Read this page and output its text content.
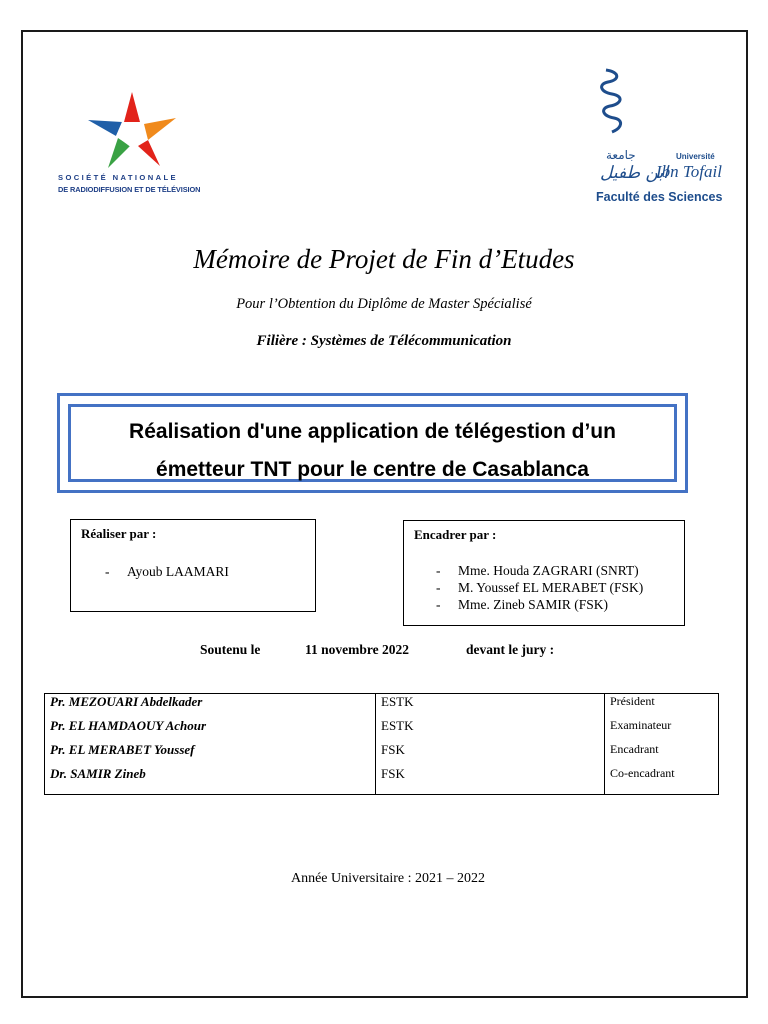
SOCIÉTÉ NATIONALE
DE RADIODIFFUSION ET DE TÉLÉVISION
جامعة
ابن طفيل
Université
Ibn Tofail
Faculté des Sciences
Mémoire de Projet de Fin d’Etudes
Pour l’Obtention du Diplôme de Master Spécialisé
Filière : Systèmes de Télécommunication
Réalisation d'une application de télégestion d’un
émetteur TNT pour le centre de Casablanca
Réaliser par :
- Ayoub LAAMARI
Encadrer par :
- Mme. Houda ZAGRARI (SNRT)
- M. Youssef EL MERABET (FSK)
- Mme. Zineb SAMIR (FSK)
Soutenu le	11 novembre 2022	devant le jury :
Pr. MEZOUARI Abdelkader	ESTK	Président
Pr. EL HAMDAOUY Achour	ESTK	Examinateur
Pr. EL MERABET Youssef	FSK	Encadrant
Dr. SAMIR Zineb	FSK	Co-encadrant
Année Universitaire : 2021 – 2022
